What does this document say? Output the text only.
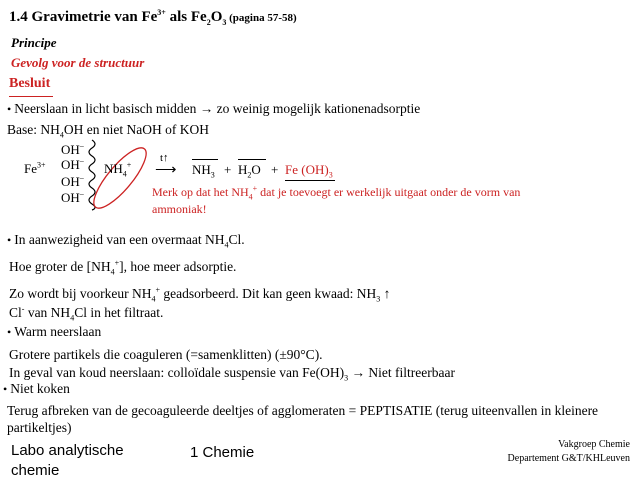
1.4 Gravimetrie van $Fe^{3+}$ als $Fe_2O_3$ (pagina 57-58)
Principe
Gevolg voor de structuur
Besluit
• Neerslaan in licht basisch midden → zo weinig mogelijk kationenadsorptie
Base: $NH_4OH$ en niet NaOH of KOH
$Fe^{3+}$
OH–
OH–
OH–
OH–
$NH_4^+$
t↑
⟶ $NH_3 + H_2O + Fe$ $(OH)_3$
Merk op dat het $NH_4^+$ dat je toevoegt er werkelijk uitgaat onder de vorm van ammoniak!
• In aanwezigheid van een overmaat $NH_4Cl$.
Hoe groter de $[NH_4^+]$, hoe meer adsorptie.
Zo wordt bij voorkeur $NH_4^+$ geadsorbeerd. Dit kan geen kwaad: $NH_3$ ↑
Cl- van $NH_4Cl$ in het filtraat.
• Warm neerslaan
Grotere partikels die coaguleren (=samenklitten) (±90°C).
In geval van koud neerslaan: colloïdale suspensie van $Fe(OH)_3$ → Niet filtreerbaar
• Niet koken
Terug afbreken van de gecoaguleerde deeltjes of agglomeraten = PEPTISATIE (terug uiteenvallen in kleinere partikeltjes)
Labo analytische chemie
1 Chemie	Vakgroep Chemie
Departement G&T/KHLeuven
